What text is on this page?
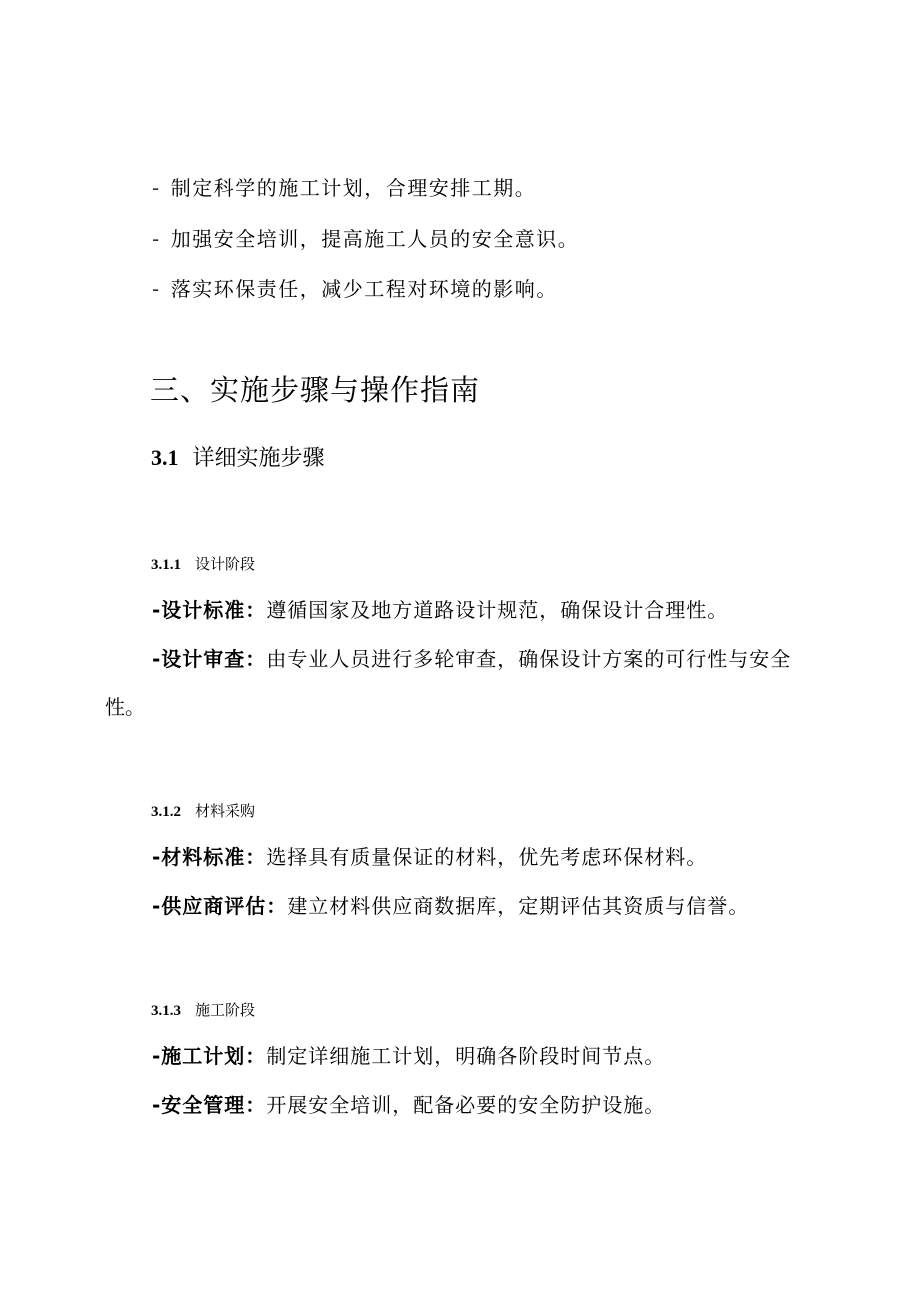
- 制定科学的施工计划，合理安排工期。
- 加强安全培训，提高施工人员的安全意识。
- 落实环保责任，减少工程对环境的影响。
三、实施步骤与操作指南
3.1 详细实施步骤
3.1.1 设计阶段
-设计标准：遵循国家及地方道路设计规范，确保设计合理性。
-设计审查：由专业人员进行多轮审查，确保设计方案的可行性与安全
性。
3.1.2 材料采购
-材料标准：选择具有质量保证的材料，优先考虑环保材料。
-供应商评估：建立材料供应商数据库，定期评估其资质与信誉。
3.1.3 施工阶段
-施工计划：制定详细施工计划，明确各阶段时间节点。
-安全管理：开展安全培训，配备必要的安全防护设施。
